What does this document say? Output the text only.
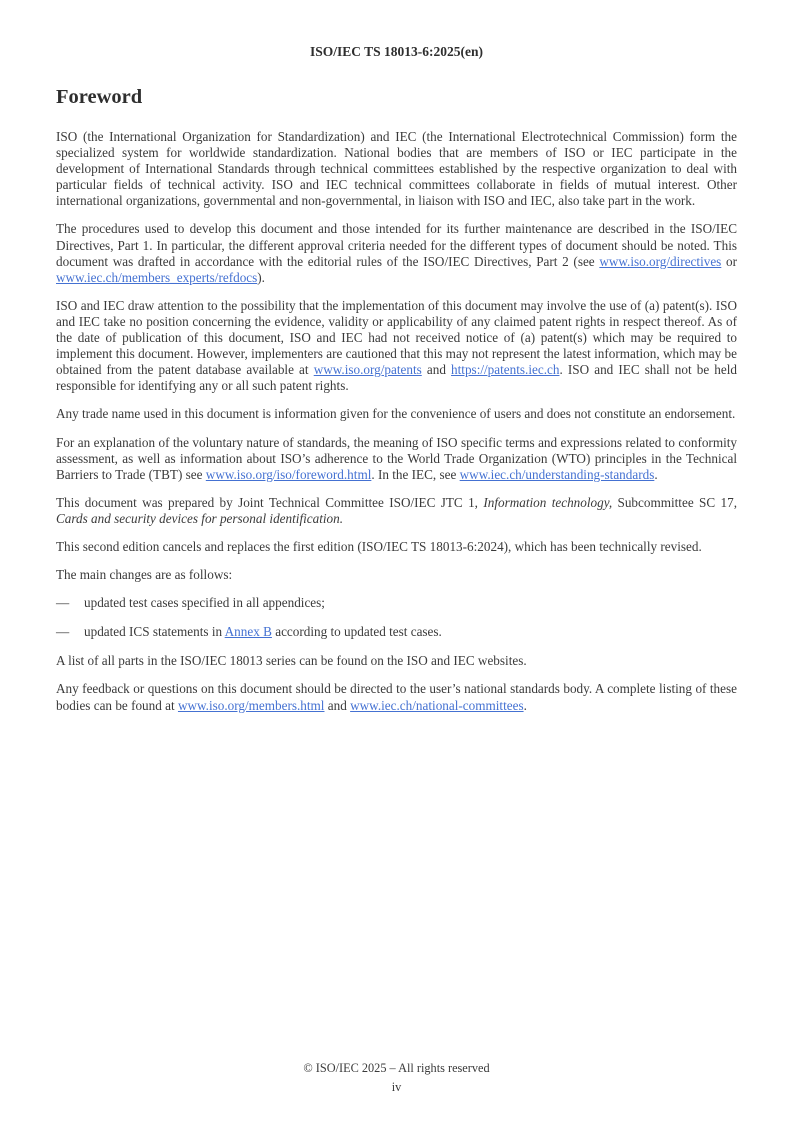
ISO/IEC TS 18013-6:2025(en)
Foreword

ISO (the International Organization for Standardization) and IEC (the International Electrotechnical Commission) form the specialized system for worldwide standardization. National bodies that are members of ISO or IEC participate in the development of International Standards through technical committees established by the respective organization to deal with particular fields of technical activity. ISO and IEC technical committees collaborate in fields of mutual interest. Other international organizations, governmental and non-governmental, in liaison with ISO and IEC, also take part in the work.

The procedures used to develop this document and those intended for its further maintenance are described in the ISO/IEC Directives, Part 1. In particular, the different approval criteria needed for the different types of document should be noted. This document was drafted in accordance with the editorial rules of the ISO/IEC Directives, Part 2 (see www.iso.org/directives or www.iec.ch/members_experts/refdocs).

ISO and IEC draw attention to the possibility that the implementation of this document may involve the use of (a) patent(s). ISO and IEC take no position concerning the evidence, validity or applicability of any claimed patent rights in respect thereof. As of the date of publication of this document, ISO and IEC had not received notice of (a) patent(s) which may be required to implement this document. However, implementers are cautioned that this may not represent the latest information, which may be obtained from the patent database available at www.iso.org/patents and https://patents.iec.ch. ISO and IEC shall not be held responsible for identifying any or all such patent rights.

Any trade name used in this document is information given for the convenience of users and does not constitute an endorsement.

For an explanation of the voluntary nature of standards, the meaning of ISO specific terms and expressions related to conformity assessment, as well as information about ISO’s adherence to the World Trade Organization (WTO) principles in the Technical Barriers to Trade (TBT) see www.iso.org/iso/foreword.html. In the IEC, see www.iec.ch/understanding-standards.

This document was prepared by Joint Technical Committee ISO/IEC JTC 1, Information technology, Subcommittee SC 17, Cards and security devices for personal identification.

This second edition cancels and replaces the first edition (ISO/IEC TS 18013-6:2024), which has been technically revised.

The main changes are as follows:

— updated test cases specified in all appendices;
— updated ICS statements in Annex B according to updated test cases.

A list of all parts in the ISO/IEC 18013 series can be found on the ISO and IEC websites.

Any feedback or questions on this document should be directed to the user’s national standards body. A complete listing of these bodies can be found at www.iso.org/members.html and www.iec.ch/national-committees.

© ISO/IEC 2025 – All rights reserved
iv
